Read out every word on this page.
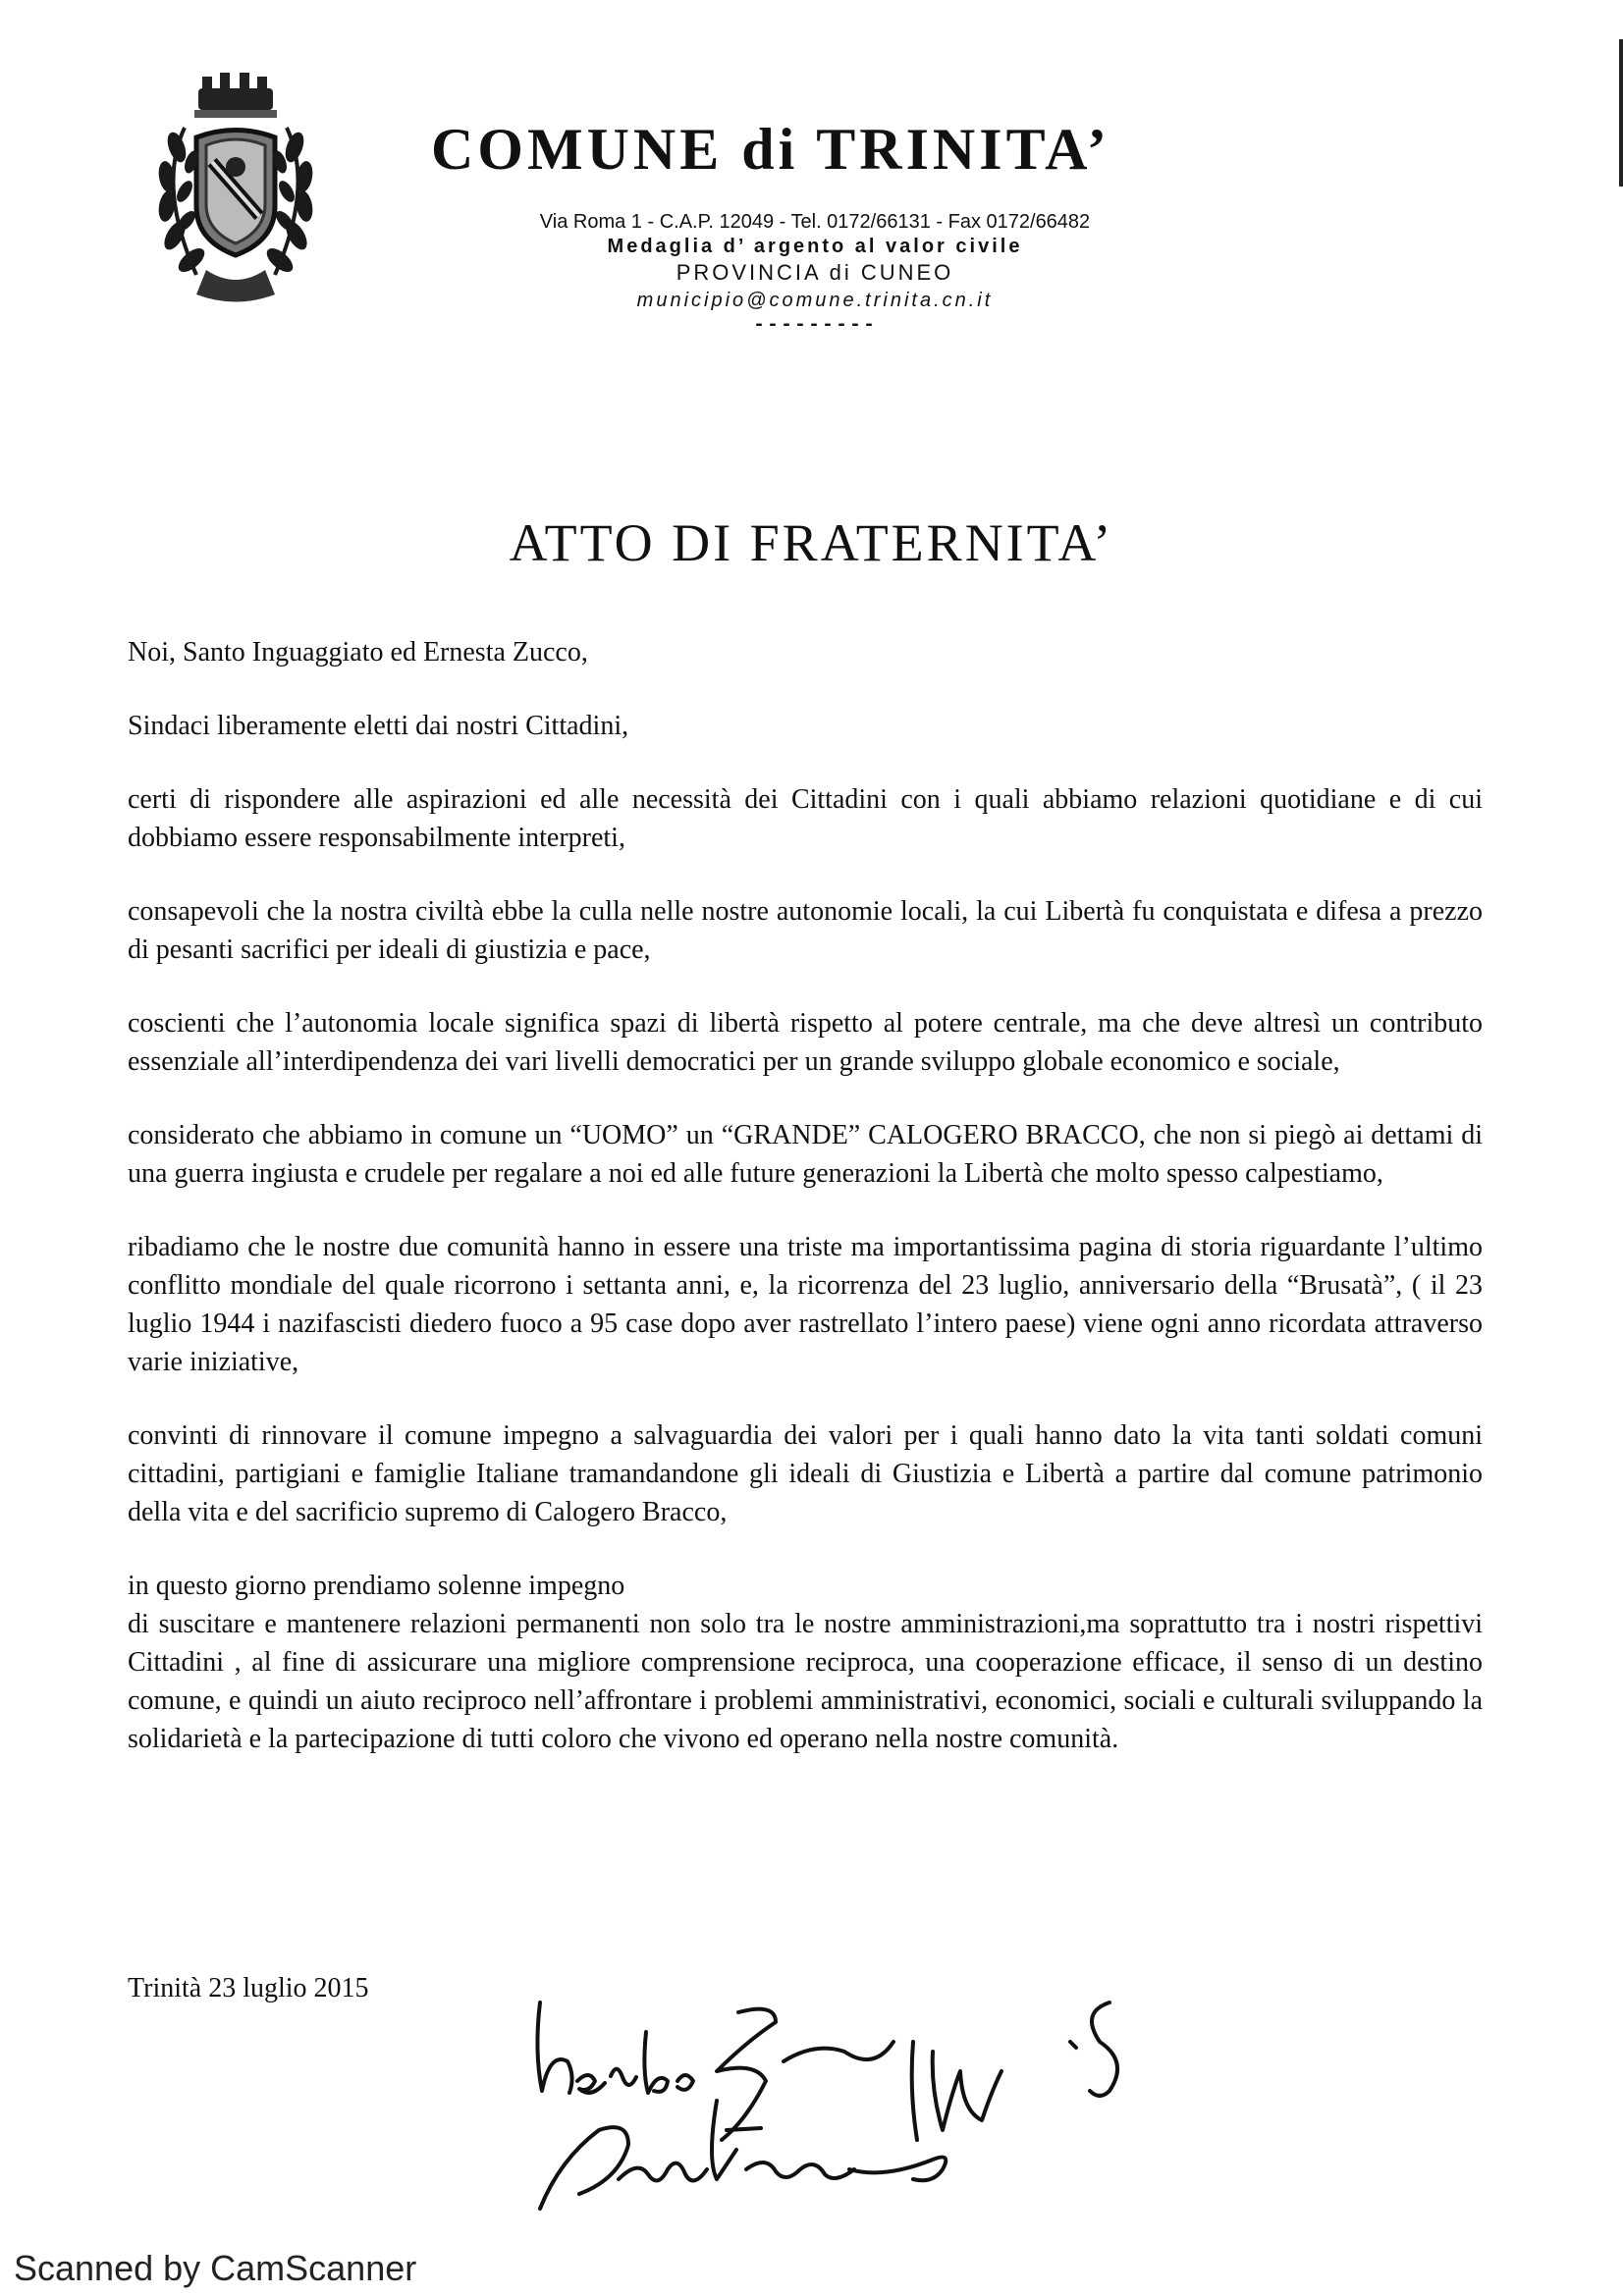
COMUNE di TRINITA’
Via Roma 1 - C.A.P. 12049 - Tel. 0172/66131 - Fax 0172/66482
Medaglia d’ argento al valor civile
PROVINCIA di CUNEO
municipio@comune.trinita.cn.it
---------
ATTO DI FRATERNITA’

Noi, Santo Inguaggiato ed Ernesta Zucco,

Sindaci liberamente eletti dai nostri Cittadini,

certi di rispondere alle aspirazioni ed alle necessità dei Cittadini con i quali abbiamo relazioni quotidiane e di cui dobbiamo essere responsabilmente interpreti,

consapevoli che la nostra civiltà ebbe la culla nelle nostre autonomie locali, la cui Libertà fu conquistata e difesa a prezzo di pesanti sacrifici per ideali di giustizia e pace,

coscienti che l’autonomia locale significa spazi di libertà rispetto al potere centrale, ma che deve altresì un contributo essenziale all’interdipendenza dei vari livelli democratici per un grande sviluppo globale economico e sociale,

considerato che abbiamo in comune un “UOMO” un “GRANDE” CALOGERO BRACCO, che non si piegò ai dettami di una guerra ingiusta e crudele per regalare a noi ed alle future generazioni la Libertà che molto spesso calpestiamo,

ribadiamo che le nostre due comunità hanno in essere una triste ma importantissima pagina di storia riguardante l’ultimo conflitto mondiale del quale ricorrono i settanta anni, e, la ricorrenza del 23 luglio, anniversario della “Brusatà”, ( il 23 luglio 1944 i nazifascisti diedero fuoco a 95 case dopo aver rastrellato l’intero paese) viene ogni anno ricordata attraverso varie iniziative,

convinti di rinnovare il comune impegno a salvaguardia dei valori per i quali hanno dato la vita tanti soldati comuni cittadini, partigiani e famiglie Italiane tramandandone gli ideali di Giustizia e Libertà a partire dal comune patrimonio della vita e del sacrificio supremo di Calogero Bracco,

in questo giorno prendiamo solenne impegno

di suscitare e mantenere relazioni permanenti non solo tra le nostre amministrazioni,ma soprattutto tra i nostri rispettivi Cittadini , al fine di assicurare una migliore comprensione reciproca, una cooperazione efficace, il senso di un destino comune, e quindi un aiuto reciproco nell’affrontare i problemi amministrativi, economici, sociali e culturali sviluppando la solidarietà e la partecipazione di tutti coloro che vivono ed operano nella nostre comunità.

Trinità 23 luglio 2015
Scanned by CamScanner
